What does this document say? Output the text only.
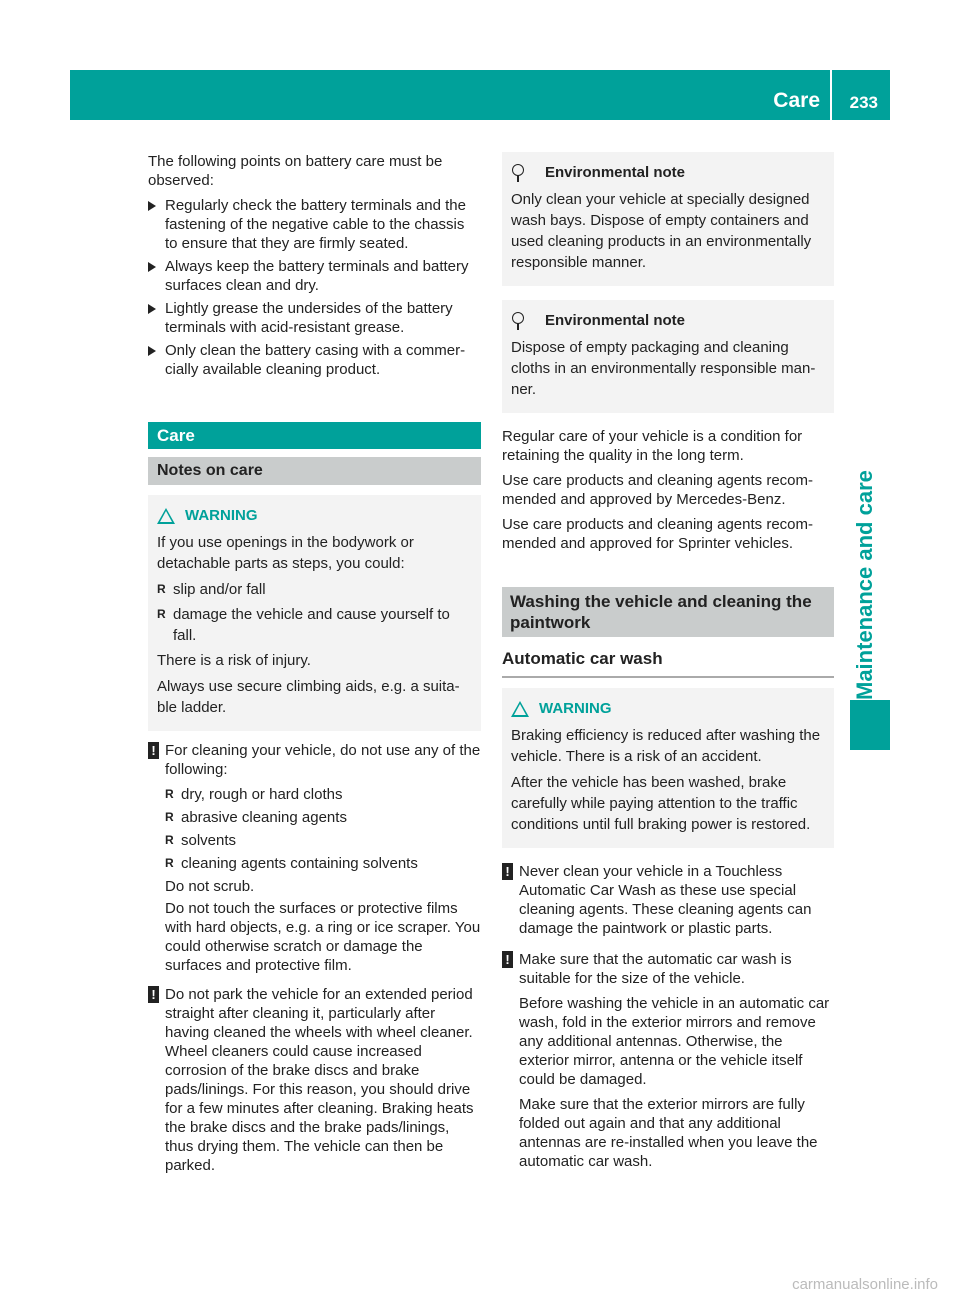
Care 233
Maintenance and care

The following points on battery care must be observed:

Regularly check the battery terminals and the fastening of the negative cable to the chassis to ensure that they are firmly seated.
Always keep the battery terminals and battery surfaces clean and dry.
Lightly grease the undersides of the battery terminals with acid-resistant grease.
Only clean the battery casing with a commer-cially available cleaning product.
Care
Notes on care
WARNING

If you use openings in the bodywork or detachable parts as steps, you could:

R slip and/or fall
R damage the vehicle and cause yourself to fall.

There is a risk of injury.

Always use secure climbing aids, e.g. a suita-ble ladder.

! For cleaning your vehicle, do not use any of the following:

R dry, rough or hard cloths
R abrasive cleaning agents
R solvents
R cleaning agents containing solvents

Do not scrub.

Do not touch the surfaces or protective films with hard objects, e.g. a ring or ice scraper. You could otherwise scratch or damage the surfaces and protective film.

! Do not park the vehicle for an extended period straight after cleaning it, particularly after having cleaned the wheels with wheel cleaner. Wheel cleaners could cause increased corrosion of the brake discs and brake pads/linings. For this reason, you should drive for a few minutes after cleaning. Braking heats the brake discs and the brake pads/linings, thus drying them. The vehicle can then be parked.

Environmental note

Only clean your vehicle at specially designed wash bays. Dispose of empty containers and used cleaning products in an environmentally responsible manner.

Environmental note

Dispose of empty packaging and cleaning cloths in an environmentally responsible man-ner.

Regular care of your vehicle is a condition for retaining the quality in the long term.

Use care products and cleaning agents recom-mended and approved by Mercedes-Benz.

Use care products and cleaning agents recom-mended and approved for Sprinter vehicles.

Washing the vehicle and cleaning the paintwork
Automatic car wash
WARNING

Braking efficiency is reduced after washing the vehicle. There is a risk of an accident.

After the vehicle has been washed, brake carefully while paying attention to the traffic conditions until full braking power is restored.

! Never clean your vehicle in a Touchless Automatic Car Wash as these use special cleaning agents. These cleaning agents can damage the paintwork or plastic parts.

! Make sure that the automatic car wash is suitable for the size of the vehicle.

Before washing the vehicle in an automatic car wash, fold in the exterior mirrors and remove any additional antennas. Otherwise, the exterior mirror, antenna or the vehicle itself could be damaged.

Make sure that the exterior mirrors are fully folded out again and that any additional antennas are re-installed when you leave the automatic car wash.

carmanualsonline.info
